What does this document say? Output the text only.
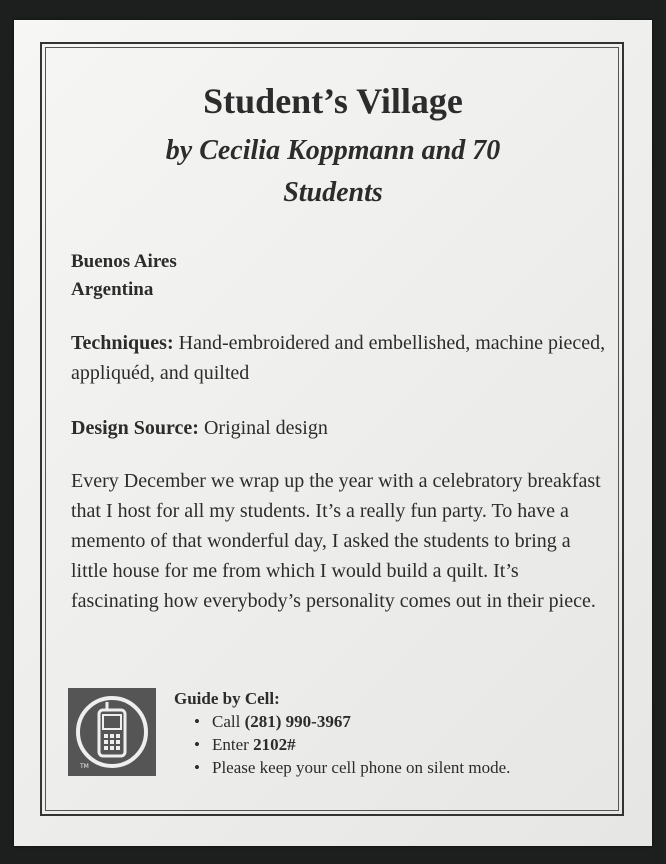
Student’s Village
by Cecilia Koppmann and 70
Students
Buenos Aires
Argentina
Techniques: Hand-embroidered and embellished, machine pieced, appliquéd, and quilted
Design Source: Original design
Every December we wrap up the year with a celebratory breakfast that I host for all my students. It’s a really fun party. To have a memento of that wonderful day, I asked the students to bring a little house for me from which I would build a quilt. It’s fascinating how everybody’s personality comes out in their piece.
TM
Guide by Cell:
• Call (281) 990-3967
• Enter 2102#
• Please keep your cell phone on silent mode.
